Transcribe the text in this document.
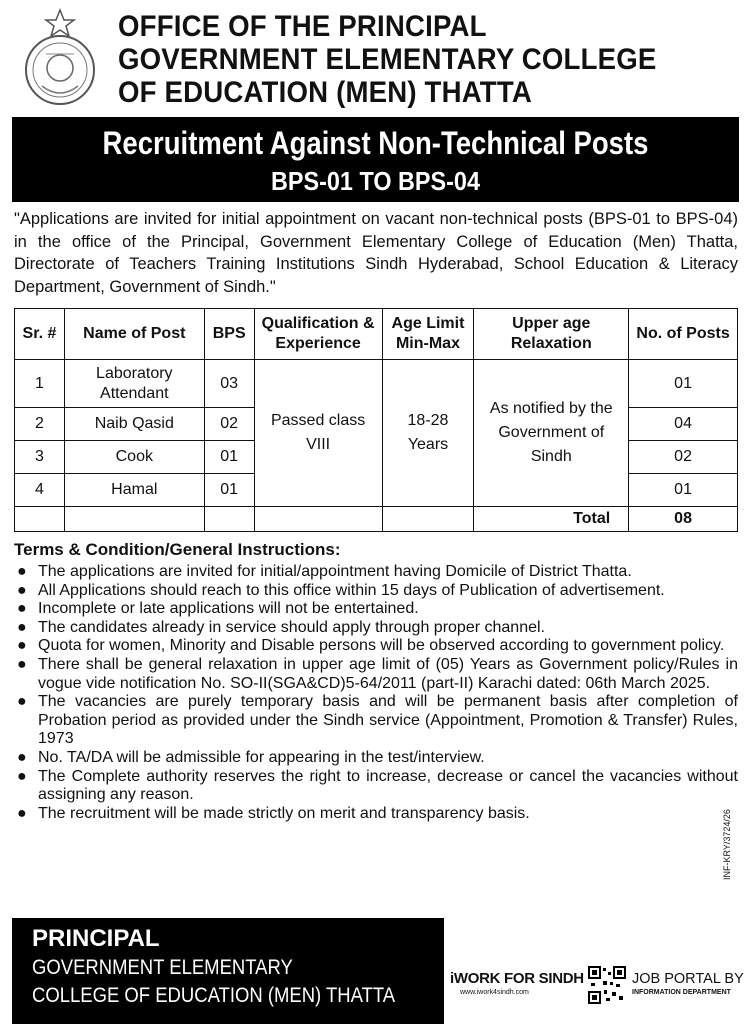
OFFICE OF THE PRINCIPAL
GOVERNMENT ELEMENTARY COLLEGE
OF EDUCATION (MEN) THATTA
Recruitment Against Non-Technical Posts
BPS-01 TO BPS-04
"Applications are invited for initial appointment on vacant non-technical posts (BPS-01 to BPS-04) in the office of the Principal, Government Elementary College of Education (Men) Thatta, Directorate of Teachers Training Institutions Sindh Hyderabad, School Education & Literacy Department, Government of Sindh."
Sr. #	Name of Post	BPS	Qualification & Experience	Age Limit Min-Max	Upper age Relaxation	No. of Posts
1	Laboratory Attendant	03	Passed class VIII	18-28 Years	As notified by the Government of Sindh	01
2	Naib Qasid	02				04
3	Cook	01				02
4	Hamal	01				01
					Total	08
Terms & Condition/General Instructions:
● The applications are invited for initial/appointment having Domicile of District Thatta.
● All Applications should reach to this office within 15 days of Publication of advertisement.
● Incomplete or late applications will not be entertained.
● The candidates already in service should apply through proper channel.
● Quota for women, Minority and Disable persons will be observed according to government policy.
● There shall be general relaxation in upper age limit of (05) Years as Government policy/Rules in vogue vide notification No. SO-II(SGA&CD)5-64/2011 (part-II) Karachi dated: 06th March 2025.
● The vacancies are purely temporary basis and will be permanent basis after completion of Probation period as provided under the Sindh service (Appointment, Promotion & Transfer) Rules, 1973
● No. TA/DA will be admissible for appearing in the test/interview.
● The Complete authority reserves the right to increase, decrease or cancel the vacancies without assigning any reason.
● The recruitment will be made strictly on merit and transparency basis.	INF-KRY/3724/26
PRINCIPAL
GOVERNMENT ELEMENTARY
COLLEGE OF EDUCATION (MEN) THATTA
iWORK FOR SINDH
www.iwork4sindh.com
JOB PORTAL BY
INFORMATION DEPARTMENT
